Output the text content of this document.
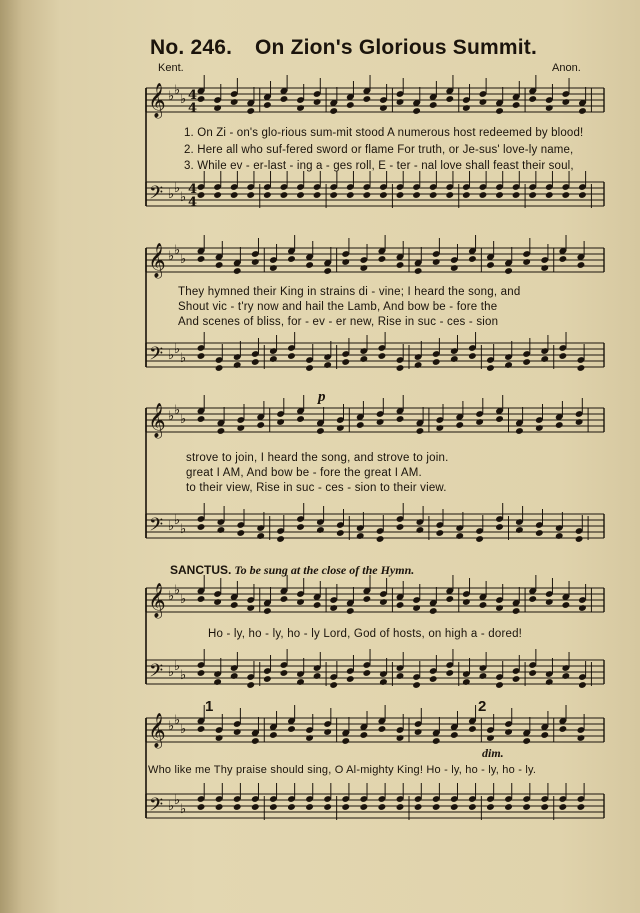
No. 246. On Zion's Glorious Summit.
Kent.	Anon.
𝄞
𝄢
♭ ♭
♭
♭ ♭
♭
4
4
4
4
𝄞
𝄢
♭ ♭
♭
♭ ♭
♭
𝄞
𝄢
♭ ♭
♭
♭ ♭
♭
𝄞
𝄢
♭ ♭
♭
♭ ♭
♭
𝄞
𝄢
♭ ♭
♭
♭ ♭
♭
1. On Zi - on's glo-rious sum-mit stood A numerous host redeemed by blood!
2. Here all who suf-fered sword or flame For truth, or Je-sus' love-ly name,
3. While ev - er-last - ing a - ges roll, E - ter - nal love shall feast their soul,
They hymned their King in strains di - vine; I heard the song, and
Shout vic - t'ry now and hail the Lamb, And bow be - fore the
And scenes of bliss, for - ev - er new, Rise in suc - ces - sion
strove to join, I heard the song, and strove to join.
great I AM, And bow be - fore the great I AM.
to their view, Rise in suc - ces - sion to their view.
p
SANCTUS. To be sung at the close of the Hymn.
Ho - ly, ho - ly, ho - ly Lord, God of hosts, on high a - dored!
Who like me Thy praise should sing, O Al-mighty King! Ho - ly, ho - ly, ho - ly.
1	2
dim.
